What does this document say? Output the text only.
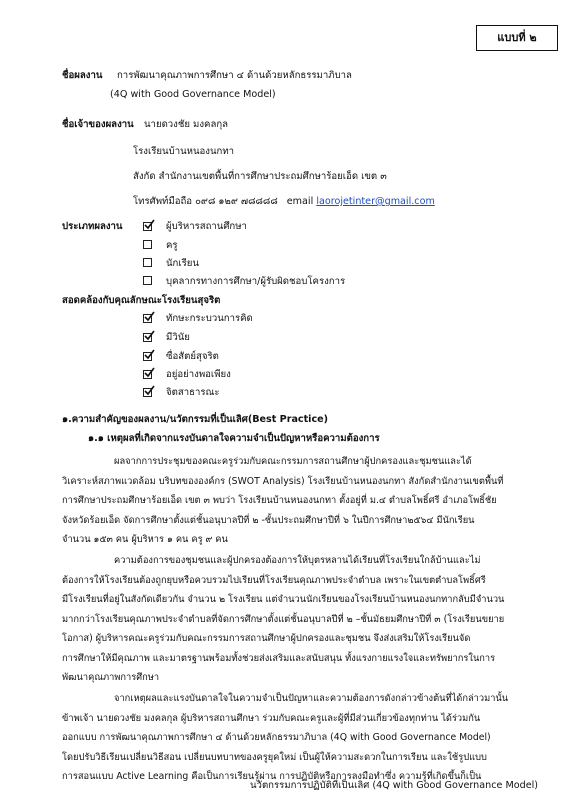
แบบที่ ๒
ชื่อผลงาน การพัฒนาคุณภาพการศึกษา ๔ ด้านด้วยหลักธรรมาภิบาล
(4Q with Good Governance Model)
ชื่อเจ้าของผลงาน นายดวงชัย มงคลกุล
โรงเรียนบ้านหนองนกทา
สังกัด สำนักงานเขตพื้นที่การศึกษาประถมศึกษาร้อยเอ็ด เขต ๓
โทรศัพท์มือถือ ๐๙๘ ๑๒๙ ๗๘๘๘๘ email laorojetinter@gmail.com
ประเภทผลงาน	ผู้บริหารสถานศึกษา
ครู
นักเรียน
บุคลากรทางการศึกษา/ผู้รับผิดชอบโครงการ
สอดคล้องกับคุณลักษณะโรงเรียนสุจริต
ทักษะกระบวนการคิด
มีวินัย
ซื่อสัตย์สุจริต
อยู่อย่างพอเพียง
จิตสาธารณะ
๑.ความสำคัญของผลงาน/นวัตกรรมที่เป็นเลิศ(Best Practice)
๑.๑ เหตุผลที่เกิดจากแรงบันดาลใจความจำเป็นปัญหาหรือความต้องการ
ผลจากการประชุมของคณะครูร่วมกับคณะกรรมการสถานศึกษาผู้ปกครองและชุมชนและได้
วิเคราะห์สภาพแวดล้อม บริบทขององค์กร (SWOT Analysis) โรงเรียนบ้านหนองนกทา สังกัดสำนักงานเขตพื้นที่
การศึกษาประถมศึกษาร้อยเอ็ด เขต ๓ พบว่า โรงเรียนบ้านหนองนกทา ตั้งอยู่ที่ ม.๔ ตำบลโพธิ์ศรี อำเภอโพธิ์ชัย
จังหวัดร้อยเอ็ด จัดการศึกษาตั้งแต่ชั้นอนุบาลปีที่ ๒ -ชั้นประถมศึกษาปีที่ ๖ ในปีการศึกษา๒๕๖๔ มีนักเรียน
จำนวน ๑๕๓ คน ผู้บริหาร ๑ คน ครู ๙ คน
ความต้องการของชุมชนและผู้ปกครองต้องการให้บุตรหลานได้เรียนที่โรงเรียนใกล้บ้านและไม่
ต้องการให้โรงเรียนต้องถูกยุบหรือควบรวมไปเรียนที่โรงเรียนคุณภาพประจำตำบล เพราะในเขตตำบลโพธิ์ศรี
มีโรงเรียนที่อยู่ในสังกัดเดียวกัน จำนวน ๒ โรงเรียน แต่จำนวนนักเรียนของโรงเรียนบ้านหนองนกทากลับมีจำนวน
มากกว่าโรงเรียนคุณภาพประจำตำบลที่จัดการศึกษาตั้งแต่ชั้นอนุบาลปีที่ ๒ –ชั้นมัธยมศึกษาปีที่ ๓ (โรงเรียนขยาย
โอกาส) ผู้บริหารคณะครูร่วมกับคณะกรรมการสถานศึกษาผู้ปกครองและชุมชน จึงส่งเสริมให้โรงเรียนจัด
การศึกษาให้มีคุณภาพ และมาตรฐานพร้อมทั้งช่วยส่งเสริมและสนับสนุน ทั้งแรงกายแรงใจและทรัพยากรในการ
พัฒนาคุณภาพการศึกษา
จากเหตุผลและแรงบันดาลใจในความจำเป็นปัญหาและความต้องการดังกล่าวข้างต้นที่ได้กล่าวมานั้น
ข้าพเจ้า นายดวงชัย มงคลกุล ผู้บริหารสถานศึกษา ร่วมกับคณะครูและผู้ที่มีส่วนเกี่ยวข้องทุกท่าน ได้ร่วมกัน
ออกแบบ การพัฒนาคุณภาพการศึกษา ๔ ด้านด้วยหลักธรรมาภิบาล (4Q with Good Governance Model)
โดยปรับวิธีเรียนเปลี่ยนวิธีสอน เปลี่ยนบทบาทของครูยุคใหม่ เป็นผู้ให้ความสะดวกในการเรียน และใช้รูปแบบ
การสอนแบบ Active Learning คือเป็นการเรียนรู้ผ่าน การปฏิบัติหรือการลงมือทำซึ่ง ความรู้ที่เกิดขึ้นก็เป็น
นวัตกรรมการปฏิบัติที่เป็นเลิศ (4Q with Good Governance Model)
